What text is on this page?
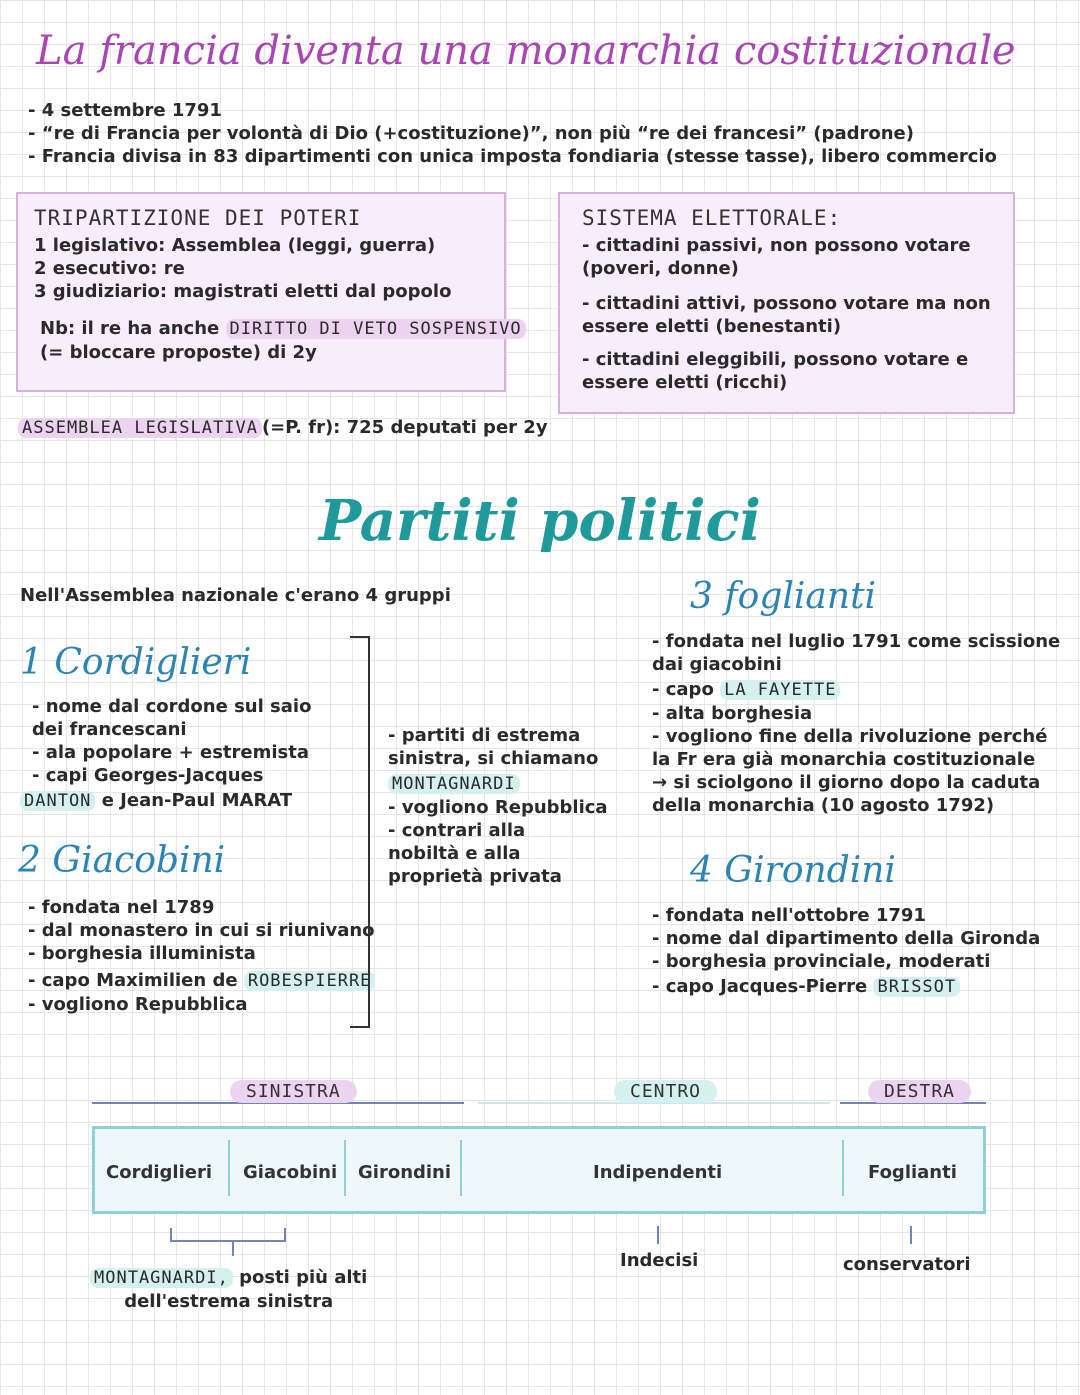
La francia diventa una monarchia costituzionale
- 4 settembre 1791
- “re di Francia per volontà di Dio (+costituzione)”, non più “re dei francesi” (padrone)
- Francia divisa in 83 dipartimenti con unica imposta fondiaria (stesse tasse), libero commercio
TRIPARTIZIONE DEI POTERI
1 legislativo: Assemblea (leggi, guerra)
2 esecutivo: re
3 giudiziario: magistrati eletti dal popolo
Nb: il re ha anche DIRITTO DI VETO SOSPENSIVO
(= bloccare proposte) di 2y
SISTEMA ELETTORALE:
- cittadini passivi, non possono votare
(poveri, donne)
- cittadini attivi, possono votare ma non
essere eletti (benestanti)
- cittadini eleggibili, possono votare e
essere eletti (ricchi)
ASSEMBLEA LEGISLATIVA (=P. fr): 725 deputati per 2y
Partiti politici
Nell'Assemblea nazionale c'erano 4 gruppi
1 Cordiglieri
- nome dal cordone sul saio
dei francescani
- ala popolare + estremista
- capi Georges-Jacques
DANTON e Jean-Paul MARAT
2 Giacobini
- fondata nel 1789
- dal monastero in cui si riunivano
- borghesia illuminista
- capo Maximilien de ROBESPIERRE
- vogliono Repubblica
- partiti di estrema
sinistra, si chiamano
MONTAGNARDI
- vogliono Repubblica
- contrari alla
nobiltà e alla
proprietà privata
3 foglianti
- fondata nel luglio 1791 come scissione
dai giacobini
- capo LA FAYETTE
- alta borghesia
- vogliono fine della rivoluzione perché
la Fr era già monarchia costituzionale
→ si sciolgono il giorno dopo la caduta
della monarchia (10 agosto 1792)
4 Girondini
- fondata nell'ottobre 1791
- nome dal dipartimento della Gironda
- borghesia provinciale, moderati
- capo Jacques-Pierre BRISSOT
SINISTRA	CENTRO	DESTRA
Cordiglieri Giacobini Girondini	Indipendenti	Foglianti
MONTAGNARDI, posti più alti
dell'estrema sinistra
Indecisi	conservatori
